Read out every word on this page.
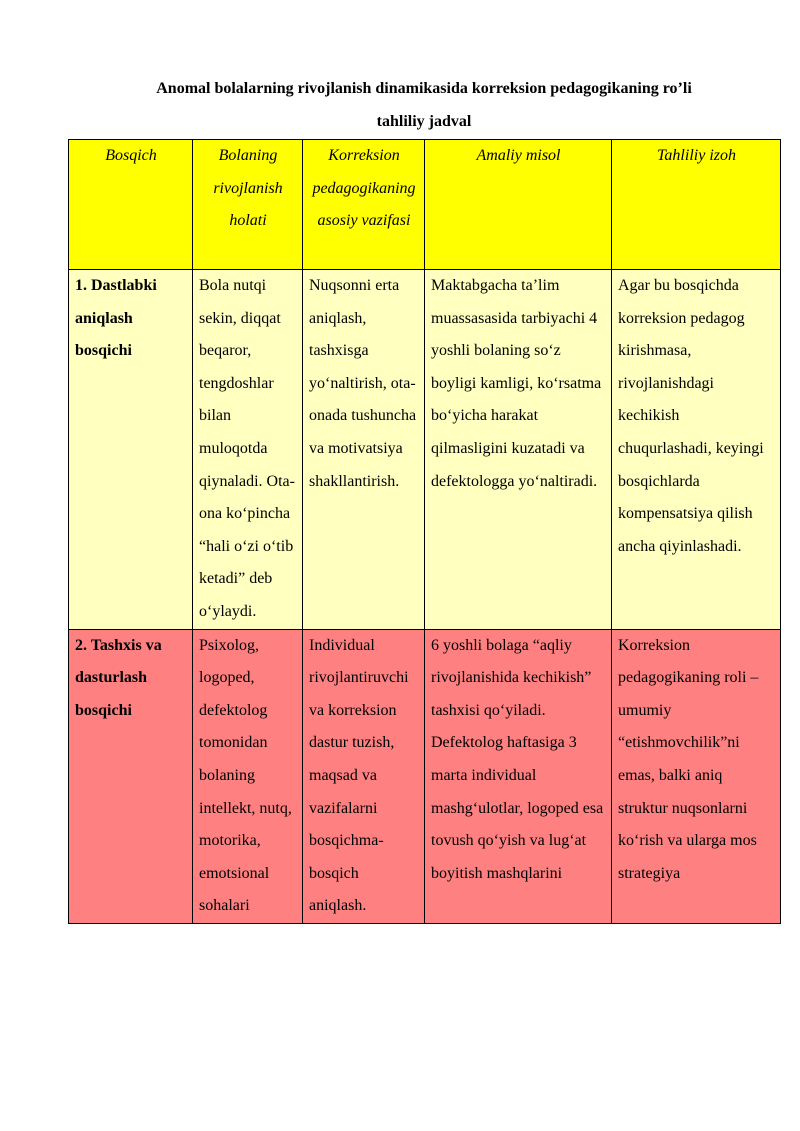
Anomal bolalarning rivojlanish dinamikasida korreksion pedagogikaning ro’li
tahliliy jadval
Bosqich	Bolaning rivojlanish holati	Korreksion pedagogikaning asosiy vazifasi	Amaliy misol	Tahliliy izoh
1. Dastlabki aniqlash bosqichi	Bola nutqi sekin, diqqat beqaror, tengdoshlar bilan muloqotda qiynaladi. Ota-ona ko‘pincha “hali o‘zi o‘tib ketadi” deb o‘ylaydi.	Nuqsonni erta aniqlash, tashxisga yo‘naltirish, ota-onada tushuncha va motivatsiya shakllantirish.	Maktabgacha ta’lim muassasasida tarbiyachi 4 yoshli bolaning so‘z boyligi kamligi, ko‘rsatma bo‘yicha harakat qilmasligini kuzatadi va defektologga yo‘naltiradi.	Agar bu bosqichda korreksion pedagog kirishmasa, rivojlanishdagi kechikish chuqurlashadi, keyingi bosqichlarda kompensatsiya qilish ancha qiyinlashadi.
2. Tashxis va dasturlash bosqichi	Psixolog, logoped, defektolog tomonidan bolaning intellekt, nutq, motorika, emotsional sohalari	Individual rivojlantiruvchi va korreksion dastur tuzish, maqsad va vazifalarni bosqichma-bosqich aniqlash.	6 yoshli bolaga “aqliy rivojlanishida kechikish” tashxisi qo‘yiladi. Defektolog haftasiga 3 marta individual mashg‘ulotlar, logoped esa tovush qo‘yish va lug‘at boyitish mashqlarini	Korreksion pedagogikaning roli – umumiy “etishmovchilik”ni emas, balki aniq struktur nuqsonlarni ko‘rish va ularga mos strategiya
